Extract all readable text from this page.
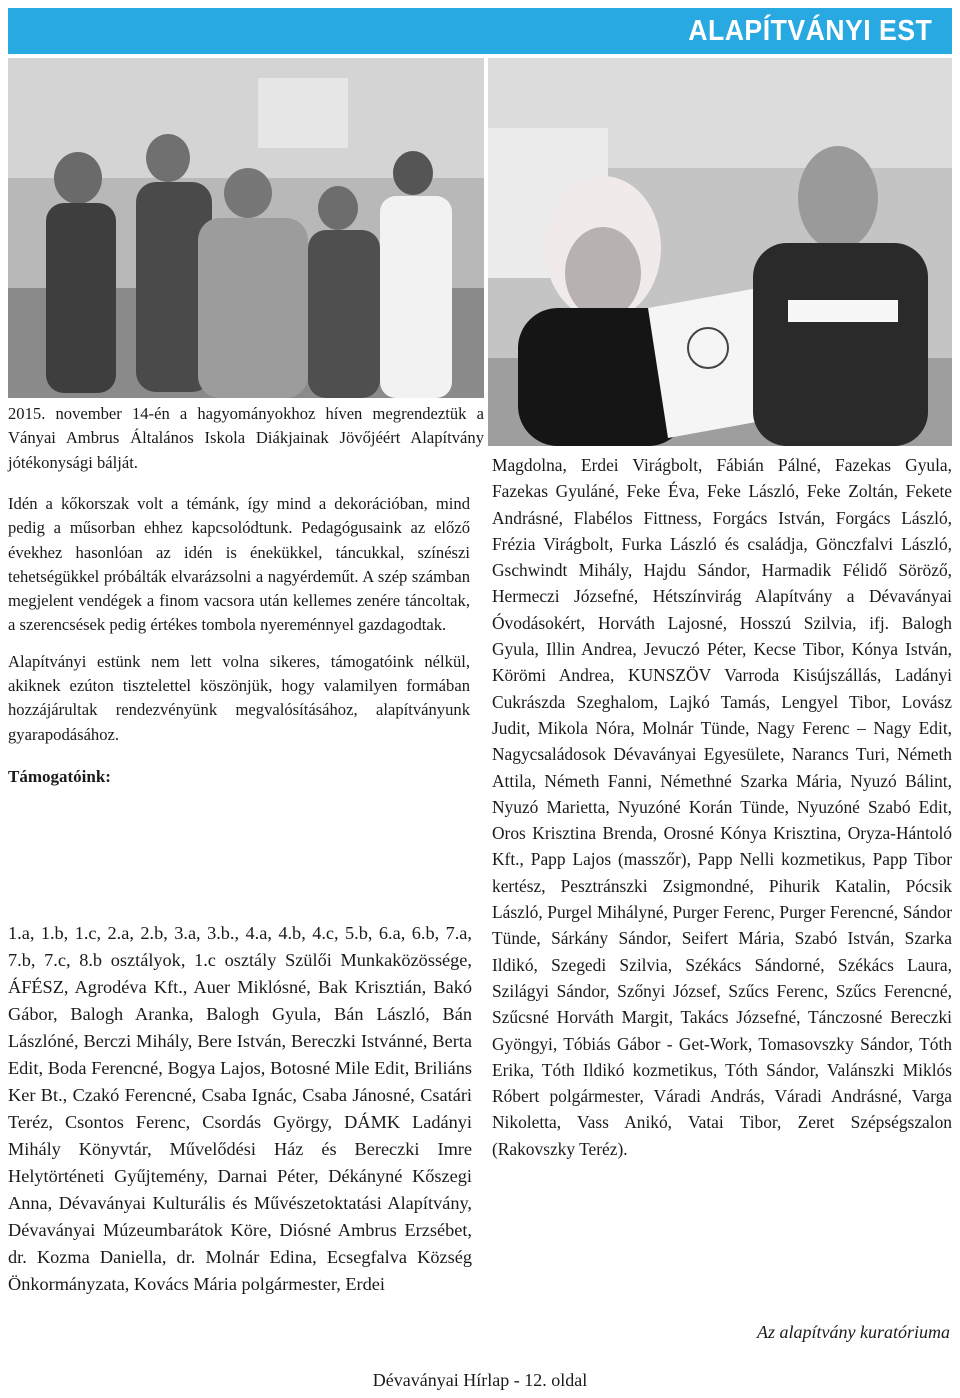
ALAPÍTVÁNYI EST
2015. november 14-én a hagyományokhoz híven megrendeztük a Ványai Ambrus Általános Iskola Diákjainak Jövőjéért Alapítvány jótékonysági bálját.

Idén a kőkorszak volt a témánk, így mind a dekorációban, mind pedig a műsorban ehhez kapcsolódtunk. Pedagógusaink az előző évekhez hasonlóan az idén is énekükkel, táncukkal, színészi tehetségükkel próbálták elvarázsolni a nagyérdeműt. A szép számban megjelent vendégek a finom vacsora után kellemes zenére táncoltak, a szerencsések pedig értékes tombola nyereménnyel gazdagodtak.

Alapítványi estünk nem lett volna sikeres, támogatóink nélkül, akiknek ezúton tisztelettel köszönjük, hogy valamilyen formában hozzájárultak rendezvényünk megvalósításához, alapítványunk gyarapodásához.

Támogatóink:
1.a, 1.b, 1.c, 2.a, 2.b, 3.a, 3.b., 4.a, 4.b, 4.c, 5.b, 6.a, 6.b, 7.a, 7.b, 7.c, 8.b osztályok, 1.c osztály Szülői Munkaközössége, ÁFÉSZ, Agrodéva Kft., Auer Miklósné, Bak Krisztián, Bakó Gábor, Balogh Aranka, Balogh Gyula, Bán László, Bán Lászlóné, Berczi Mihály, Bere István, Bereczki Istvánné, Berta Edit, Boda Ferencné, Bogya Lajos, Botosné Mile Edit, Briliáns Ker Bt., Czakó Ferencné, Csaba Ignác, Csaba Jánosné, Csatári Teréz, Csontos Ferenc, Csordás György, DÁMK Ladányi Mihály Könyvtár, Művelődési Ház és Bereczki Imre Helytörténeti Gyűjtemény, Darnai Péter, Dékányné Kőszegi Anna, Dévaványai Kulturális és Művészetoktatási Alapítvány, Dévaványai Múzeumbarátok Köre, Diósné Ambrus Erzsébet, dr. Kozma Daniella, dr. Molnár Edina, Ecsegfalva Község Önkormányzata, Kovács Mária polgármester, Erdei
Magdolna, Erdei Virágbolt, Fábián Pálné, Fazekas Gyula, Fazekas Gyuláné, Feke Éva, Feke László, Feke Zoltán, Fekete Andrásné, Flabélos Fittness, Forgács István, Forgács László, Frézia Virágbolt, Furka László és családja, Gönczfalvi László, Gschwindt Mihály, Hajdu Sándor, Harmadik Félidő Söröző, Hermeczi Józsefné, Hétszínvirág Alapítvány a Dévaványai Óvodásokért, Horváth Lajosné, Hosszú Szilvia, ifj. Balogh Gyula, Illin Andrea, Jevuczó Péter, Kecse Tibor, Kónya István, Körömi Andrea, KUNSZÖV Varroda Kisújszállás, Ladányi Cukrászda Szeghalom, Lajkó Tamás, Lengyel Tibor, Lovász Judit, Mikola Nóra, Molnár Tünde, Nagy Ferenc – Nagy Edit, Nagycsaládosok Dévaványai Egyesülete, Narancs Turi, Németh Attila, Németh Fanni, Némethné Szarka Mária, Nyuzó Bálint, Nyuzó Marietta, Nyuzóné Korán Tünde, Nyuzóné Szabó Edit, Oros Krisztina Brenda, Orosné Kónya Krisztina, Oryza-Hántoló Kft., Papp Lajos (masszőr), Papp Nelli kozmetikus, Papp Tibor kertész, Pesztránszki Zsigmondné, Pihurik Katalin, Pócsik László, Purgel Mihályné, Purger Ferenc, Purger Ferencné, Sándor Tünde, Sárkány Sándor, Seifert Mária, Szabó István, Szarka Ildikó, Szegedi Szilvia, Székács Sándorné, Székács Laura, Szilágyi Sándor, Szőnyi József, Szűcs Ferenc, Szűcs Ferencné, Szűcsné Horváth Margit, Takács Józsefné, Tánczosné Bereczki Gyöngyi, Tóbiás Gábor - Get-Work, Tomasovszky Sándor, Tóth Erika, Tóth Ildikó kozmetikus, Tóth Sándor, Valánszki Miklós Róbert polgármester, Váradi András, Váradi Andrásné, Varga Nikoletta, Vass Anikó, Vatai Tibor, Zeret Szépségszalon (Rakovszky Teréz).
Az alapítvány kuratóriuma
Dévaványai Hírlap - 12. oldal
